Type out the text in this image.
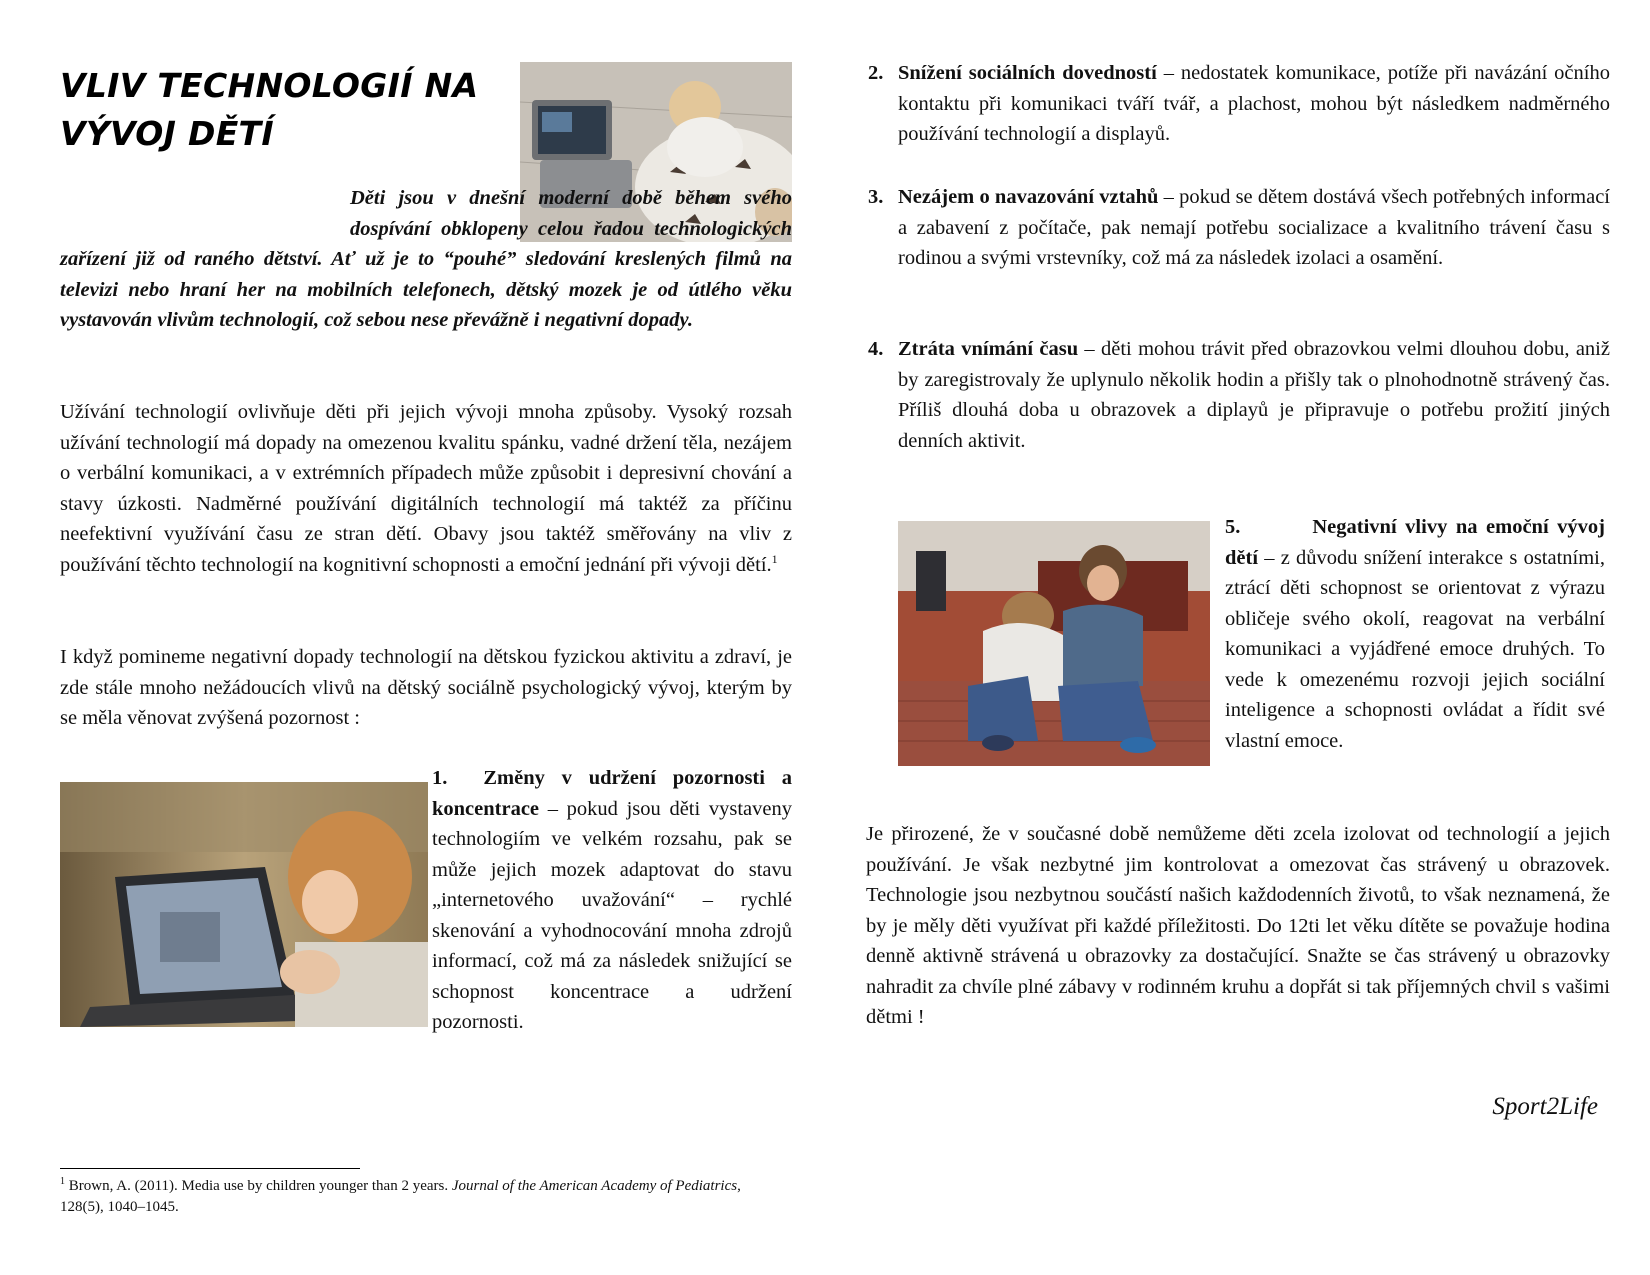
VLIV TECHNOLOGIÍ NA VÝVOJ DĚTÍ

Děti jsou v dnešní moderní době během svého dospívání obklopeny celou řadou technologických zařízení již od raného dětství. Ať už je to “pouhé” sledování kreslených filmů na televizi nebo hraní her na mobilních telefonech, dětský mozek je od útlého věku vystavován vlivům technologií, což sebou nese převážně i negativní dopady.

Užívání technologií ovlivňuje děti při jejich vývoji mnoha způsoby. Vysoký rozsah užívání technologií má dopady na omezenou kvalitu spánku, vadné držení těla, nezájem o verbální komunikaci, a v extrémních případech může způsobit i depresivní chování a stavy úzkosti. Nadměrné používání digitálních technologií má taktéž za příčinu neefektivní využívání času ze stran dětí. Obavy jsou taktéž směřovány na vliv z používání těchto technologií na kognitivní schopnosti a emoční jednání při vývoji dětí.$^1$

I když pomineme negativní dopady technologií na dětskou fyzickou aktivitu a zdraví, je zde stále mnoho nežádoucích vlivů na dětský sociálně psychologický vývoj, kterým by se měla věnovat zvýšená pozornost :

1. Změny v udržení pozornosti a koncentrace – pokud jsou děti vystaveny technologiím ve velkém rozsahu, pak se může jejich mozek adaptovat do stavu „internetového uvažování“ – rychlé skenování a vyhodnocování mnoha zdrojů informací, což má za následek snižující se schopnost koncentrace a udržení pozornosti.

$^1$ Brown, A. (2011). Media use by children younger than 2 years. Journal of the American Academy of Pediatrics, 128(5), 1040–1045.

2. Snížení sociálních dovedností – nedostatek komunikace, potíže při navázání očního kontaktu při komunikaci tváří tvář, a plachost, mohou být následkem nadměrného používání technologií a displayů.
3. Nezájem o navazování vztahů – pokud se dětem dostává všech potřebných informací a zabavení z počítače, pak nemají potřebu socializace a kvalitního trávení času s rodinou a svými vrstevníky, což má za následek izolaci a osamění.
4. Ztráta vnímání času – děti mohou trávit před obrazovkou velmi dlouhou dobu, aniž by zaregistrovaly že uplynulo několik hodin a přišly tak o plnohodnotně strávený čas. Příliš dlouhá doba u obrazovek a diplayů je připravuje o potřebu prožití jiných denních aktivit.

5.	Negativní vlivy na emoční vývoj dětí – z důvodu snížení interakce s ostatními, ztrácí děti schopnost se orientovat z výrazu obličeje svého okolí, reagovat na verbální komunikaci a vyjádřené emoce druhých. To vede k omezenému rozvoji jejich sociální inteligence a schopnosti ovládat a řídit své vlastní emoce.

Je přirozené, že v současné době nemůžeme děti zcela izolovat od technologií a jejich používání. Je však nezbytné jim kontrolovat a omezovat čas strávený u obrazovek. Technologie jsou nezbytnou součástí našich každodenních životů, to však neznamená, že by je měly děti využívat při každé příležitosti. Do 12ti let věku dítěte se považuje hodina denně aktivně strávená u obrazovky za dostačující. Snažte se čas strávený u obrazovky nahradit za chvíle plné zábavy v rodinném kruhu a dopřát si tak příjemných chvil s vašimi dětmi !

Sport2Life
